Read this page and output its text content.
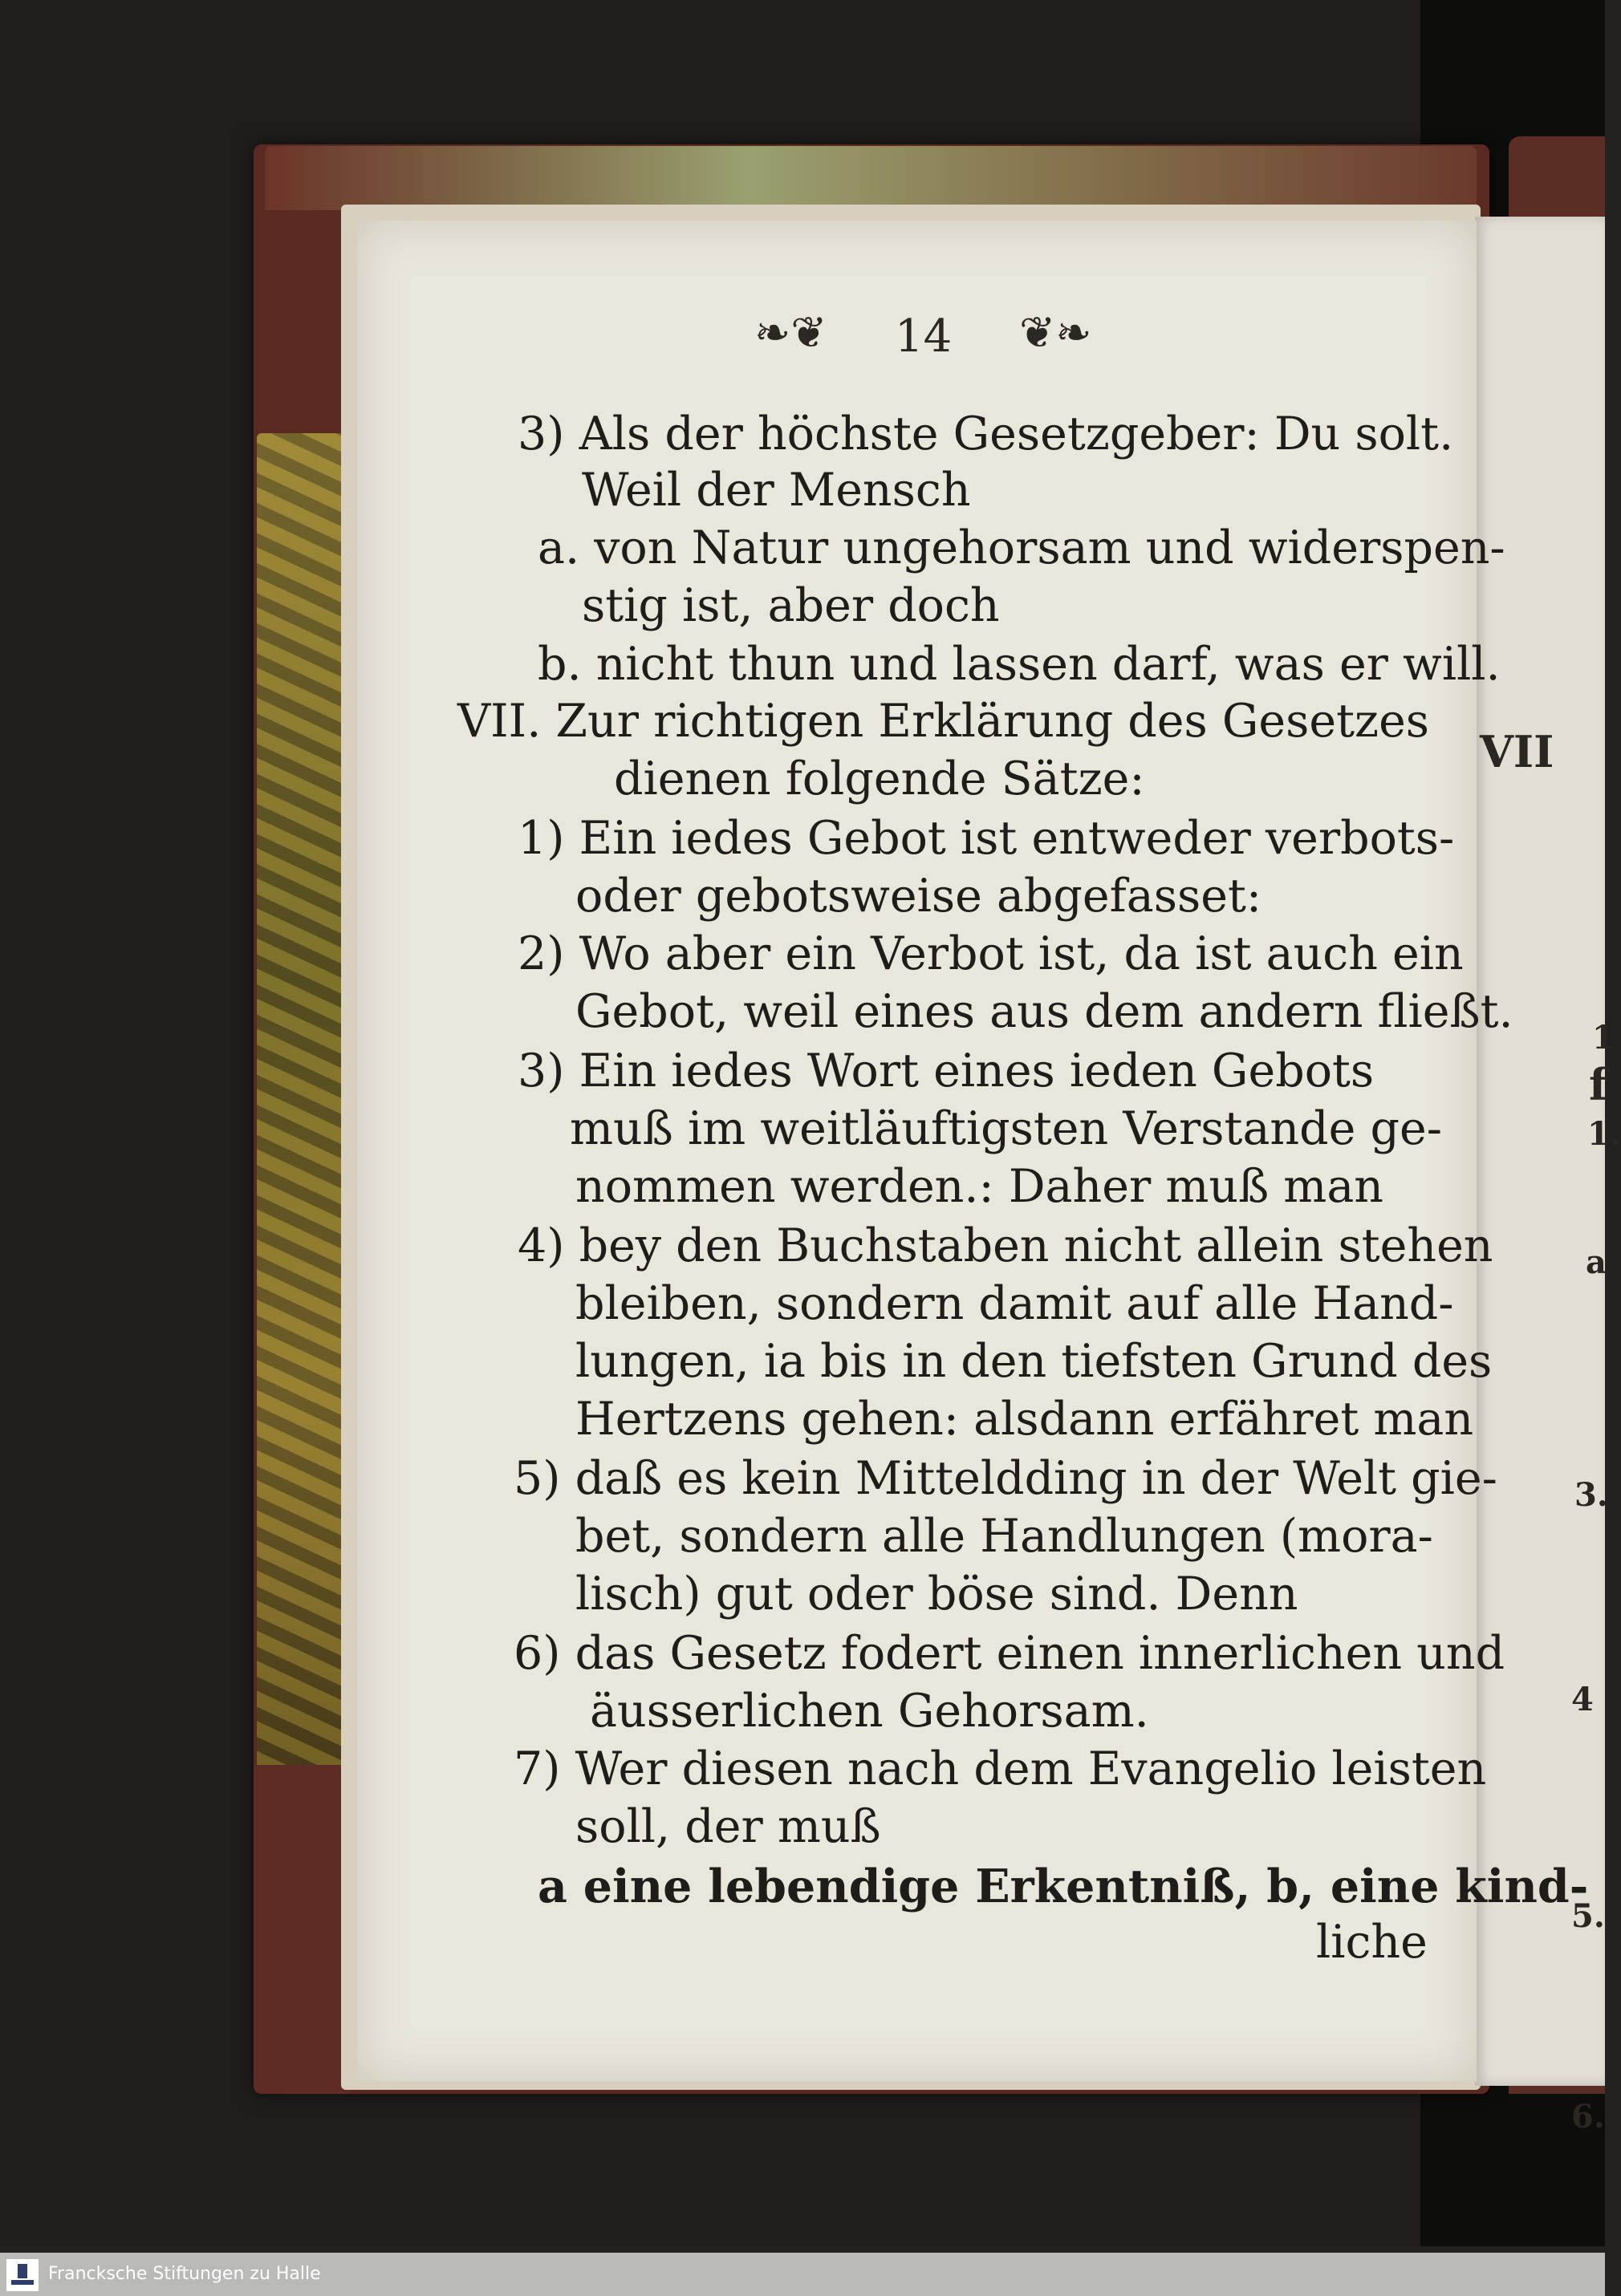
VII
1
f
1.
a
3.
4
5.
6.
❧❦ 14 ❦❧
3) Als der höchste Gesetzgeber: Du solt.
Weil der Mensch
a. von Natur ungehorsam und widerspen-
stig ist, aber doch
b. nicht thun und lassen darf, was er will.
VII. Zur richtigen Erklärung des Gesetzes
dienen folgende Sätze:
1) Ein iedes Gebot ist entweder verbots-
oder gebotsweise abgefasset:
2) Wo aber ein Verbot ist, da ist auch ein
Gebot, weil eines aus dem andern fließt.
3) Ein iedes Wort eines ieden Gebots
muß im weitläuftigsten Verstande ge-
nommen werden.: Daher muß man
4) bey den Buchstaben nicht allein stehen
bleiben, sondern damit auf alle Hand-
lungen, ia bis in den tiefsten Grund des
Hertzens gehen: alsdann erfähret man
5) daß es kein Mitteldding in der Welt gie-
bet, sondern alle Handlungen (mora-
lisch) gut oder böse sind. Denn
6) das Gesetz fodert einen innerlichen und
äusserlichen Gehorsam.
7) Wer diesen nach dem Evangelio leisten
soll, der muß
a eine lebendige Erkentniß, b, eine kind-
liche
Francksche Stiftungen zu Halle
